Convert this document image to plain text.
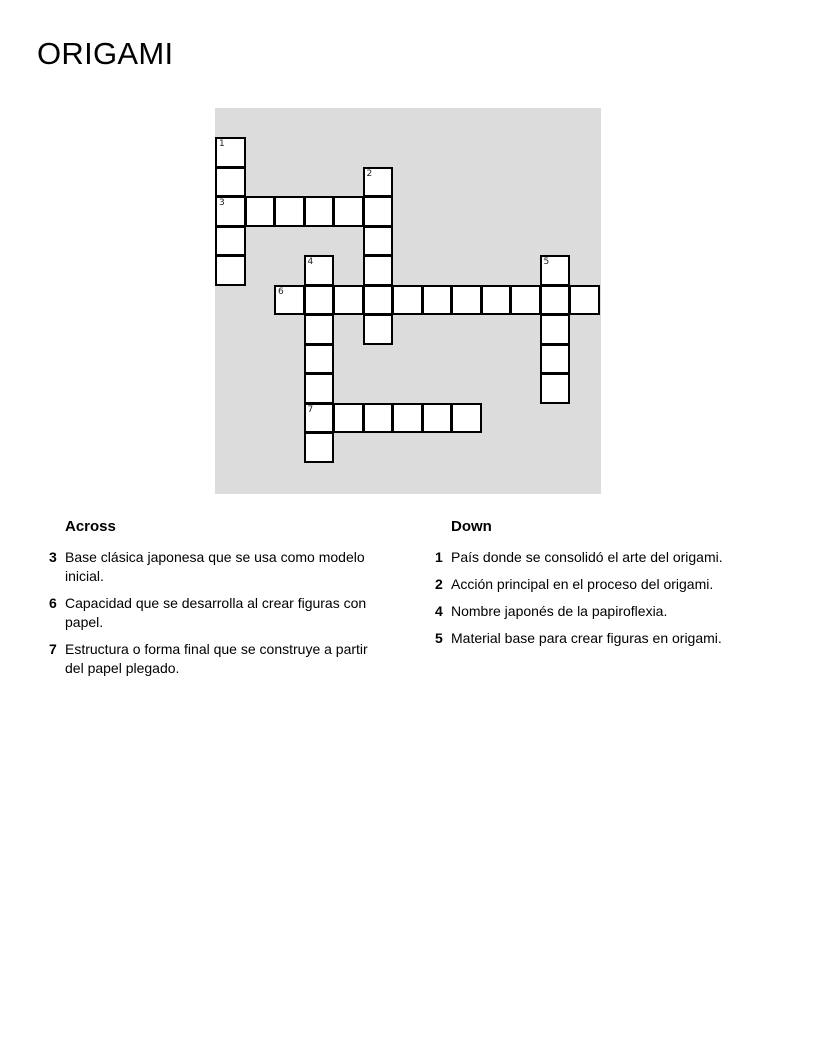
ORIGAMI
1
3
2
4
7
6
5
Across
3 Base clásica japonesa que se usa como modelo inicial.
6 Capacidad que se desarrolla al crear figuras con papel.
7 Estructura o forma final que se construye a partir del papel plegado.
Down
1 País donde se consolidó el arte del origami.
2 Acción principal en el proceso del origami.
4 Nombre japonés de la papiroflexia.
5 Material base para crear figuras en origami.
